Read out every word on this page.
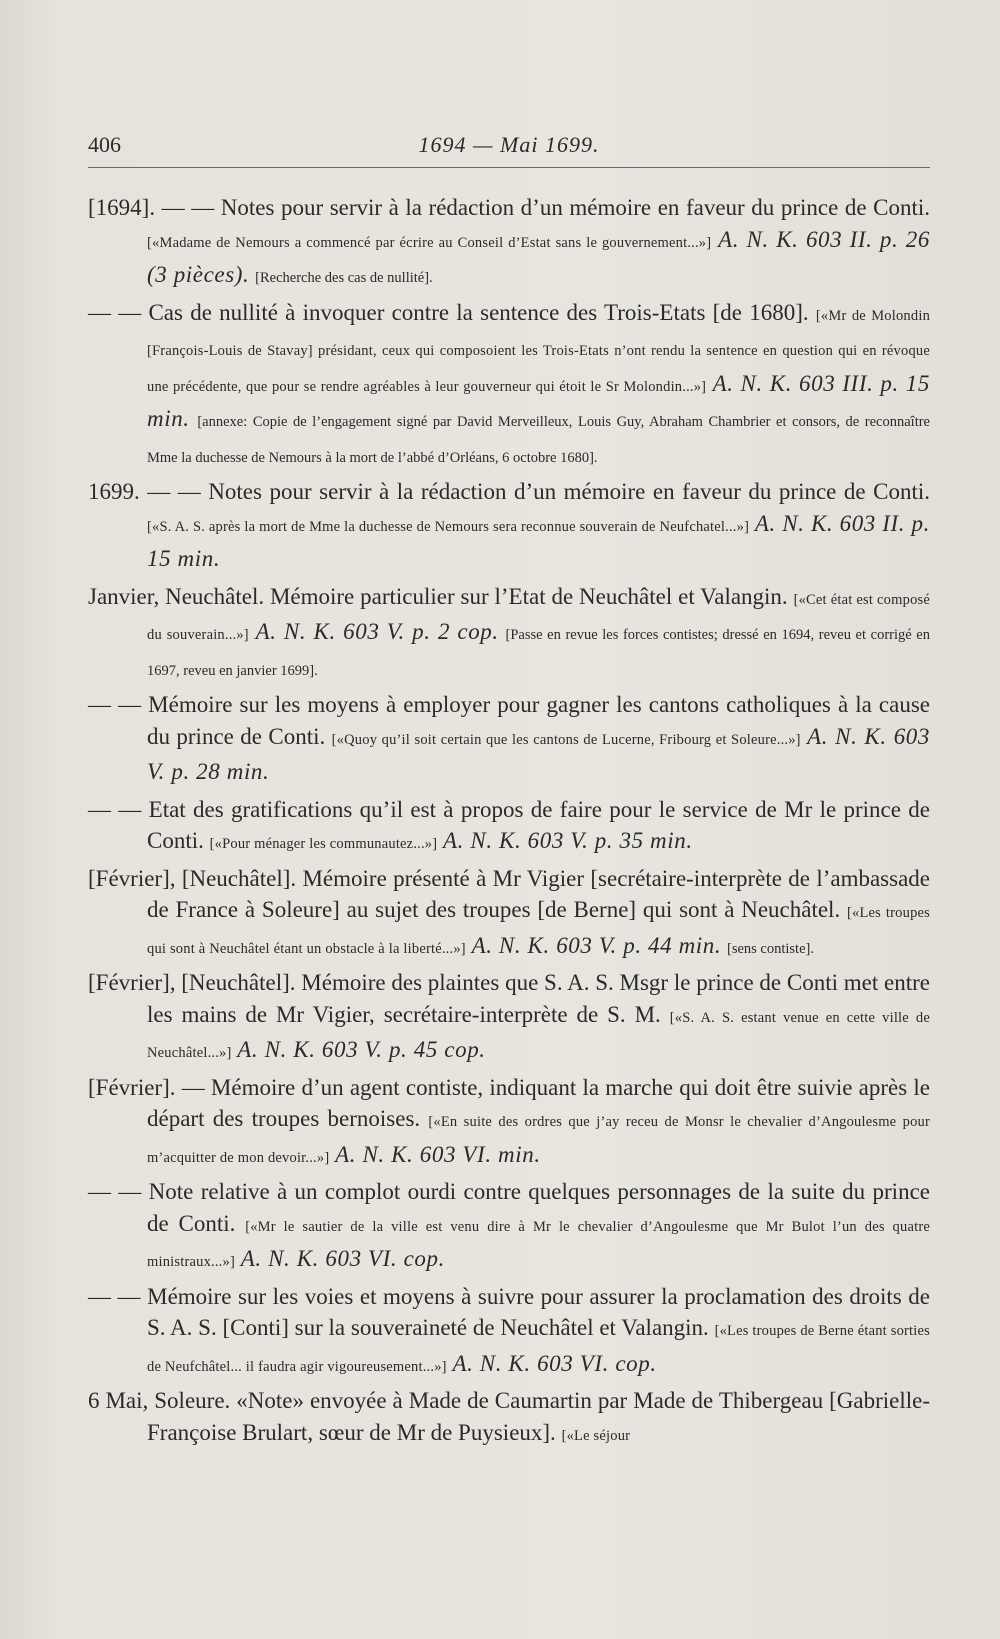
406	1694 — Mai 1699.

[1694]. — — Notes pour servir à la rédaction d’un mémoire en faveur du prince de Conti. [«Madame de Nemours a commencé par écrire au Conseil d’Estat sans le gouvernement...»] A. N. K. 603 II. p. 26 (3 pièces). [Recherche des cas de nullité].

— — Cas de nullité à invoquer contre la sentence des Trois-Etats [de 1680]. [«Mr de Molondin [François-Louis de Stavay] présidant, ceux qui composoient les Trois-Etats n’ont rendu la sentence en question qui en révoque une précédente, que pour se rendre agréables à leur gouverneur qui étoit le Sr Molondin...»] A. N. K. 603 III. p. 15 min. [annexe: Copie de l’engagement signé par David Merveilleux, Louis Guy, Abraham Chambrier et consors, de reconnaître Mme la duchesse de Nemours à la mort de l’abbé d’Orléans, 6 octobre 1680].

1699. — — Notes pour servir à la rédaction d’un mémoire en faveur du prince de Conti. [«S. A. S. après la mort de Mme la duchesse de Nemours sera reconnue souverain de Neufchatel...»] A. N. K. 603 II. p. 15 min.

Janvier, Neuchâtel. Mémoire particulier sur l’Etat de Neuchâtel et Valangin. [«Cet état est composé du souverain...»] A. N. K. 603 V. p. 2 cop. [Passe en revue les forces contistes; dressé en 1694, reveu et corrigé en 1697, reveu en janvier 1699].

— — Mémoire sur les moyens à employer pour gagner les cantons catholiques à la cause du prince de Conti. [«Quoy qu’il soit certain que les cantons de Lucerne, Fribourg et Soleure...»] A. N. K. 603 V. p. 28 min.

— — Etat des gratifications qu’il est à propos de faire pour le service de Mr le prince de Conti. [«Pour ménager les communautez...»] A. N. K. 603 V. p. 35 min.

[Février], [Neuchâtel]. Mémoire présenté à Mr Vigier [secrétaire-interprète de l’ambassade de France à Soleure] au sujet des troupes [de Berne] qui sont à Neuchâtel. [«Les troupes qui sont à Neuchâtel étant un obstacle à la liberté...»] A. N. K. 603 V. p. 44 min. [sens contiste].

[Février], [Neuchâtel]. Mémoire des plaintes que S. A. S. Msgr le prince de Conti met entre les mains de Mr Vigier, secrétaire-interprète de S. M. [«S. A. S. estant venue en cette ville de Neuchâtel...»] A. N. K. 603 V. p. 45 cop.

[Février]. — Mémoire d’un agent contiste, indiquant la marche qui doit être suivie après le départ des troupes bernoises. [«En suite des ordres que j’ay receu de Monsr le chevalier d’Angoulesme pour m’acquitter de mon devoir...»] A. N. K. 603 VI. min.

— — Note relative à un complot ourdi contre quelques personnages de la suite du prince de Conti. [«Mr le sautier de la ville est venu dire à Mr le chevalier d’Angoulesme que Mr Bulot l’un des quatre ministraux...»] A. N. K. 603 VI. cop.

— — Mémoire sur les voies et moyens à suivre pour assurer la proclamation des droits de S. A. S. [Conti] sur la souveraineté de Neuchâtel et Valangin. [«Les troupes de Berne étant sorties de Neufchâtel... il faudra agir vigoureusement...»] A. N. K. 603 VI. cop.

6 Mai, Soleure. «Note» envoyée à Made de Caumartin par Made de Thibergeau [Gabrielle-Françoise Brulart, sœur de Mr de Puysieux]. [«Le séjour
